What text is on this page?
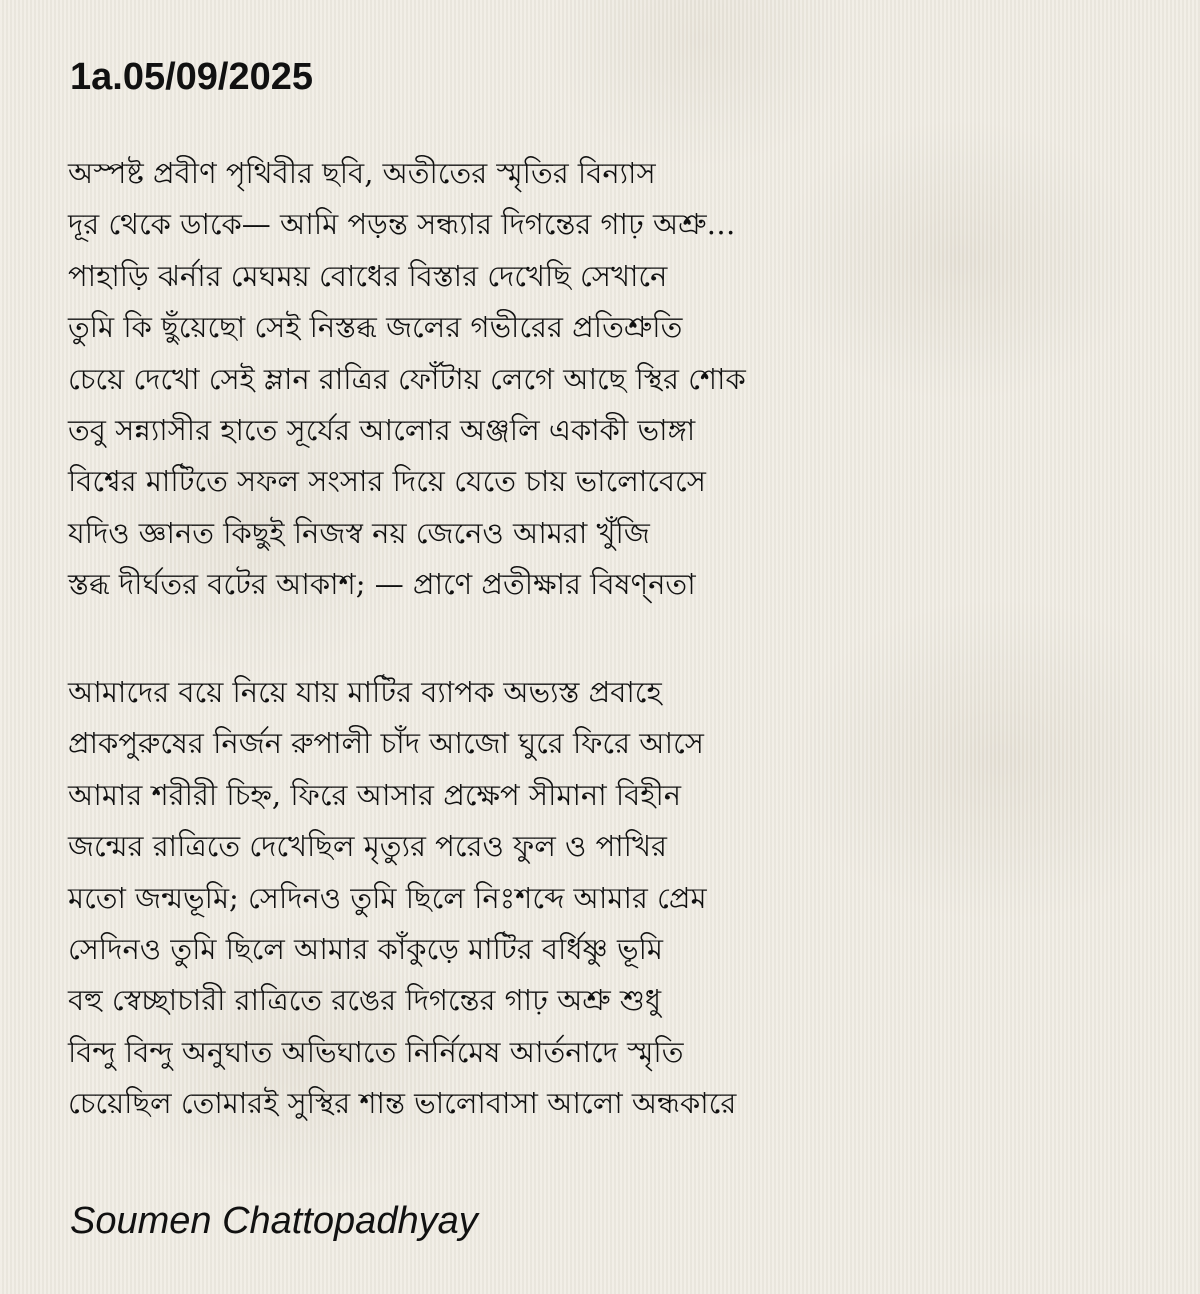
1a.05/09/2025
অস্পষ্ট প্রবীণ পৃথিবীর ছবি, অতীতের স্মৃতির বিন্যাস
দূর থেকে ডাকে— আমি পড়ন্ত সন্ধ্যার দিগন্তের গাঢ় অশ্রু…
পাহাড়ি ঝর্নার মেঘময় বোধের বিস্তার দেখেছি সেখানে
তুমি কি ছুঁয়েছো সেই নিস্তব্ধ জলের গভীরের প্রতিশ্রুতি
চেয়ে দেখো সেই ম্লান রাত্রির ফোঁটায় লেগে আছে স্থির শোক
তবু সন্ন্যাসীর হাতে সূর্যের আলোর অঞ্জলি একাকী ভাঙ্গা
বিশ্বের মাটিতে সফল সংসার দিয়ে যেতে চায় ভালোবেসে
যদিও জ্ঞানত কিছুই নিজস্ব নয় জেনেও আমরা খুঁজি
স্তব্ধ দীর্ঘতর বটের আকাশ; — প্রাণে প্রতীক্ষার বিষণ্নতা
আমাদের বয়ে নিয়ে যায় মাটির ব্যাপক অভ্যস্ত প্রবাহে
প্রাকপুরুষের নির্জন রুপালী চাঁদ আজো ঘুরে ফিরে আসে
আমার শরীরী চিহ্ন, ফিরে আসার প্রক্ষেপ সীমানা বিহীন
জন্মের রাত্রিতে দেখেছিল মৃত্যুর পরেও ফুল ও পাখির
মতো জন্মভূমি; সেদিনও তুমি ছিলে নিঃশব্দে আমার প্রেম
সেদিনও তুমি ছিলে আমার কাঁকুড়ে মাটির বর্ধিষ্ণু ভূমি
বহু স্বেচ্ছাচারী রাত্রিতে রঙের দিগন্তের গাঢ় অশ্রু শুধু
বিন্দু বিন্দু অনুঘাত অভিঘাতে নির্নিমেষ আর্তনাদে স্মৃতি
চেয়েছিল তোমারই সুস্থির শান্ত ভালোবাসা আলো অন্ধকারে

Soumen Chattopadhyay
